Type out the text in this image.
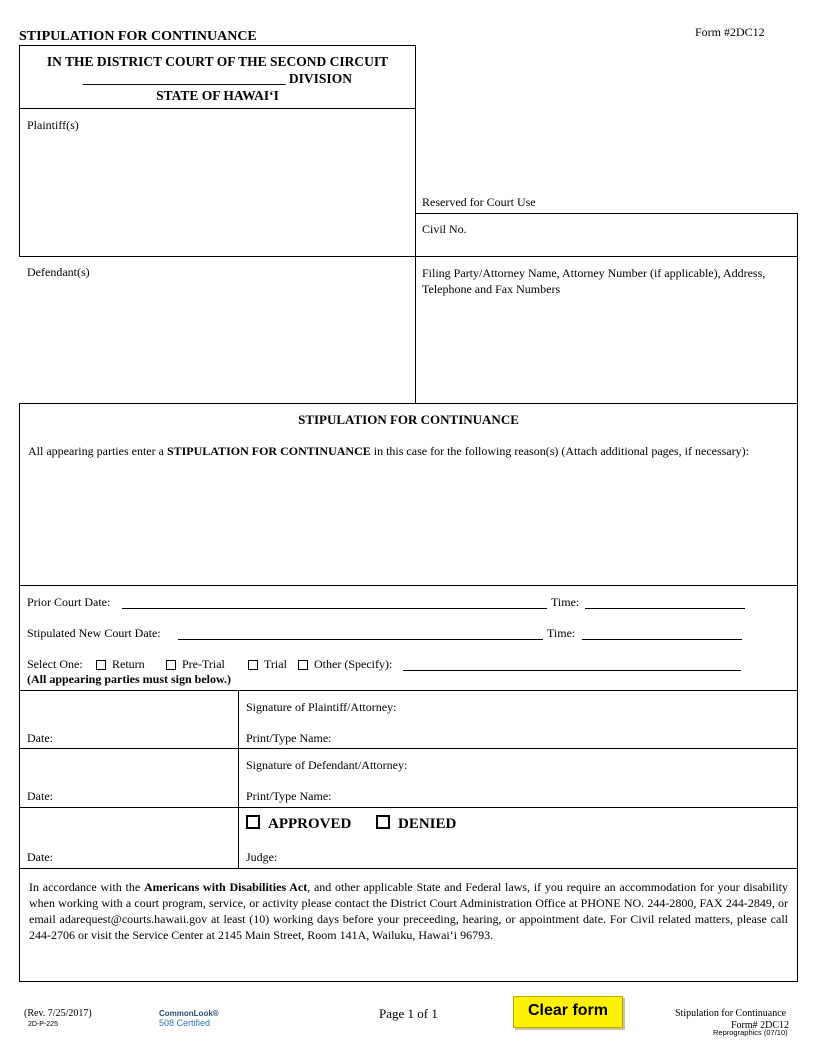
Form #2DC12
STIPULATION FOR CONTINUANCE
IN THE DISTRICT COURT OF THE SECOND CIRCUIT
______________________________ DIVISION
STATE OF HAWAI‘I
Plaintiff(s)
Reserved for Court Use
Civil No.
Defendant(s)	Filing Party/Attorney Name, Attorney Number (if applicable), Address, Telephone and Fax Numbers
STIPULATION FOR CONTINUANCE
All appearing parties enter a STIPULATION FOR CONTINUANCE in this case for the following reason(s) (Attach additional pages, if necessary):
Prior Court Date:	Time:
Stipulated New Court Date:	Time:
Select One:	Return	Pre-Trial	Trial	Other (Specify):
(All appearing parties must sign below.)
Signature of Plaintiff/Attorney:
Date:	Print/Type Name:
Signature of Defendant/Attorney:
Date:	Print/Type Name:
APPROVED	DENIED
Date:	Judge:
In accordance with the Americans with Disabilities Act, and other applicable State and Federal laws, if you require an accommodation for your disability when working with a court program, service, or activity please contact the District Court Administration Office at PHONE NO. 244-2800, FAX 244-2849, or email adarequest@courts.hawaii.gov at least (10) working days before your preceeding, hearing, or appointment date. For Civil related matters, please call 244-2706 or visit the Service Center at 2145 Main Street, Room 141A, Wailuku, Hawai‘i 96793.
(Rev. 7/25/2017)
2D-P-225
CommonLook®
508 Certified
Page 1 of 1	Clear form	Stipulation for Continuance
Form# 2DC12
Reprographics (07/10)
